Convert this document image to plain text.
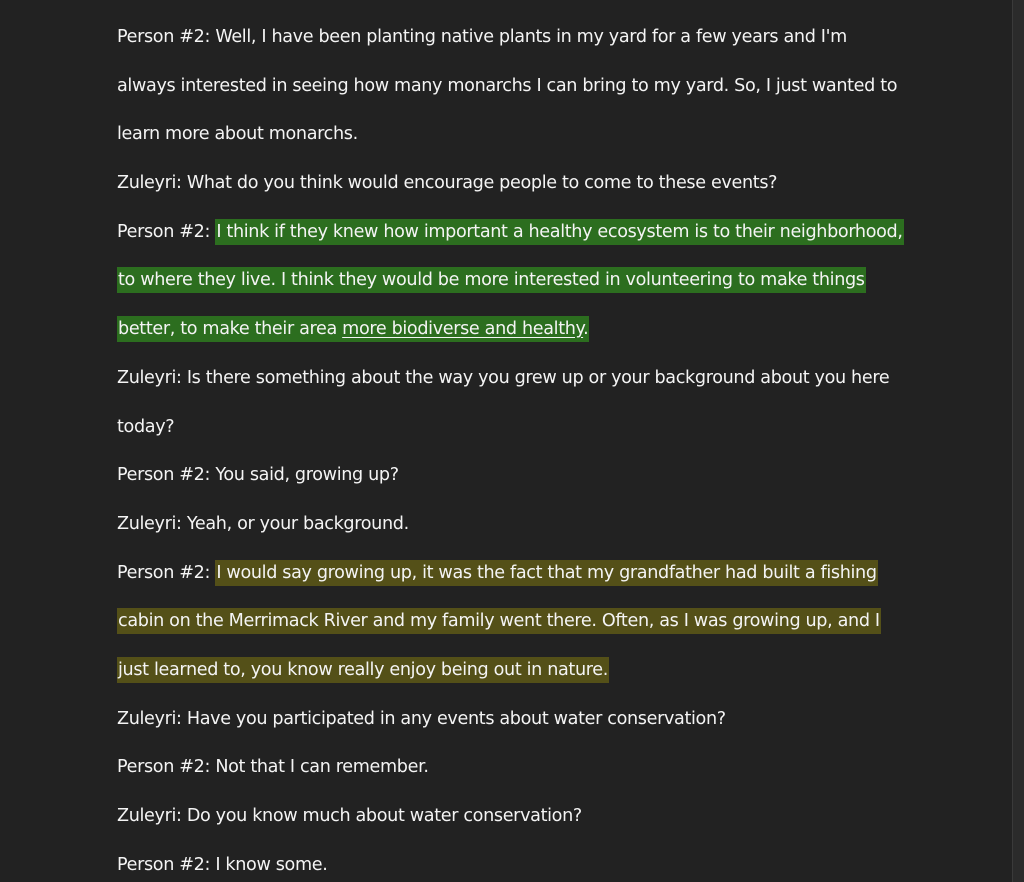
Person #2: Well, I have been planting native plants in my yard for a few years and I'm
always interested in seeing how many monarchs I can bring to my yard. So, I just wanted to
learn more about monarchs.
Zuleyri: What do you think would encourage people to come to these events?
Person #2: I think if they knew how important a healthy ecosystem is to their neighborhood,
to where they live. I think they would be more interested in volunteering to make things
better, to make their area more biodiverse and healthy.
Zuleyri: Is there something about the way you grew up or your background about you here
today?
Person #2: You said, growing up?
Zuleyri: Yeah, or your background.
Person #2: I would say growing up, it was the fact that my grandfather had built a fishing
cabin on the Merrimack River and my family went there. Often, as I was growing up, and I
just learned to, you know really enjoy being out in nature.
Zuleyri: Have you participated in any events about water conservation?
Person #2: Not that I can remember.
Zuleyri: Do you know much about water conservation?
Person #2: I know some.
